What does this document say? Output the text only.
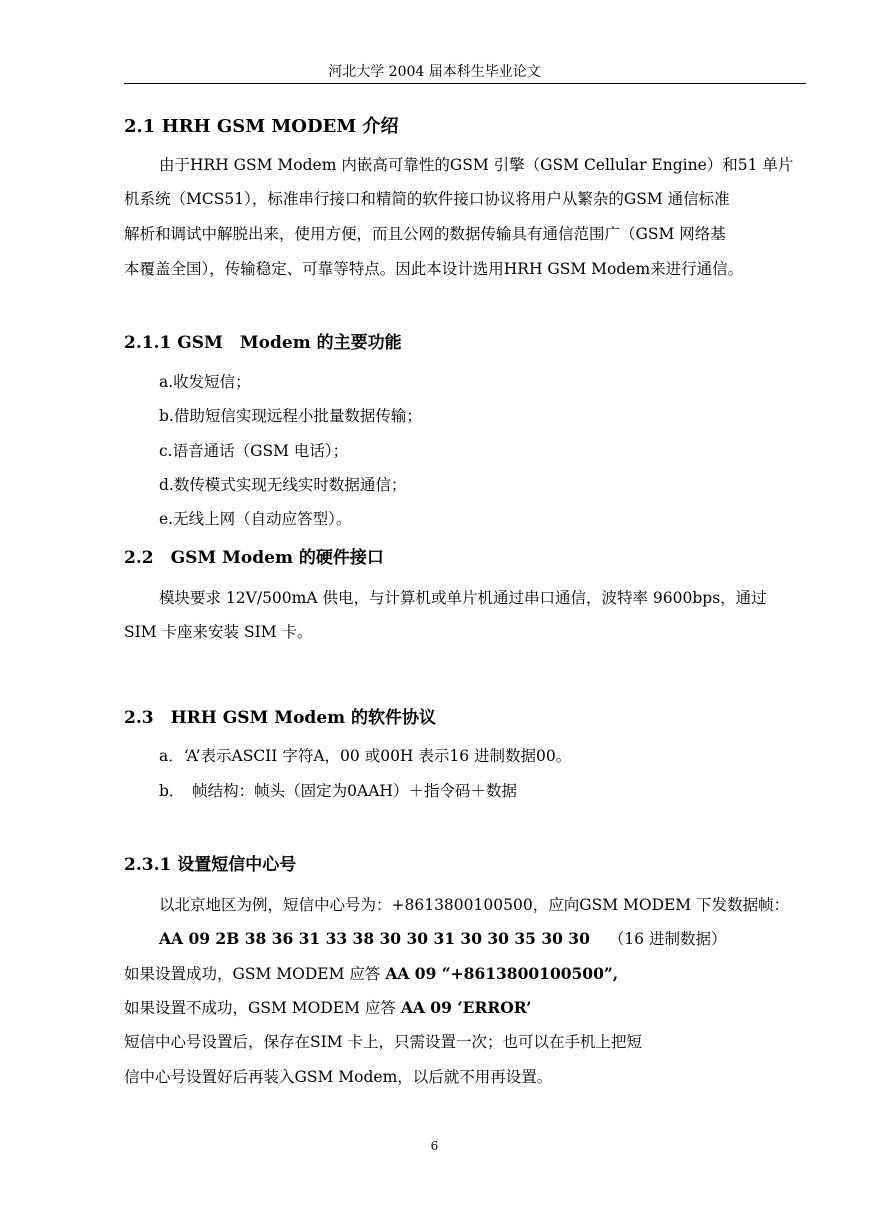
河北大学 2004 届本科生毕业论文
2.1 HRH GSM MODEM 介绍
由于HRH GSM Modem 内嵌高可靠性的GSM 引擎（GSM Cellular Engine）和51 单片
机系统（MCS51），标准串行接口和精简的软件接口协议将用户从繁杂的GSM 通信标准
解析和调试中解脱出来，使用方便，而且公网的数据传输具有通信范围广（GSM 网络基
本覆盖全国），传输稳定、可靠等特点。因此本设计选用HRH GSM Modem来进行通信。
2.1.1 GSM　Modem 的主要功能
a.收发短信；
b.借助短信实现远程小批量数据传输；
c.语音通话（GSM 电话）；
d.数传模式实现无线实时数据通信；
e.无线上网（自动应答型）。
2.2　GSM Modem 的硬件接口
模块要求 12V/500mA 供电，与计算机或单片机通过串口通信，波特率 9600bps，通过
SIM 卡座来安装 SIM 卡。
2.3　HRH GSM Modem 的软件协议
a．‘A’表示ASCII 字符A，00 或00H 表示16 进制数据00。
b．　帧结构：帧头（固定为0AAH）＋指令码＋数据
2.3.1 设置短信中心号
以北京地区为例，短信中心号为：+8613800100500，应向GSM MODEM 下发数据帧：
AA 09 2B 38 36 31 33 38 30 30 31 30 30 35 30 30 （16 进制数据）
如果设置成功，GSM MODEM 应答 AA 09 “+8613800100500”,
如果设置不成功，GSM MODEM 应答 AA 09 ‘ERROR’
短信中心号设置后，保存在SIM 卡上，只需设置一次；也可以在手机上把短
信中心号设置好后再装入GSM Modem，以后就不用再设置。
6
